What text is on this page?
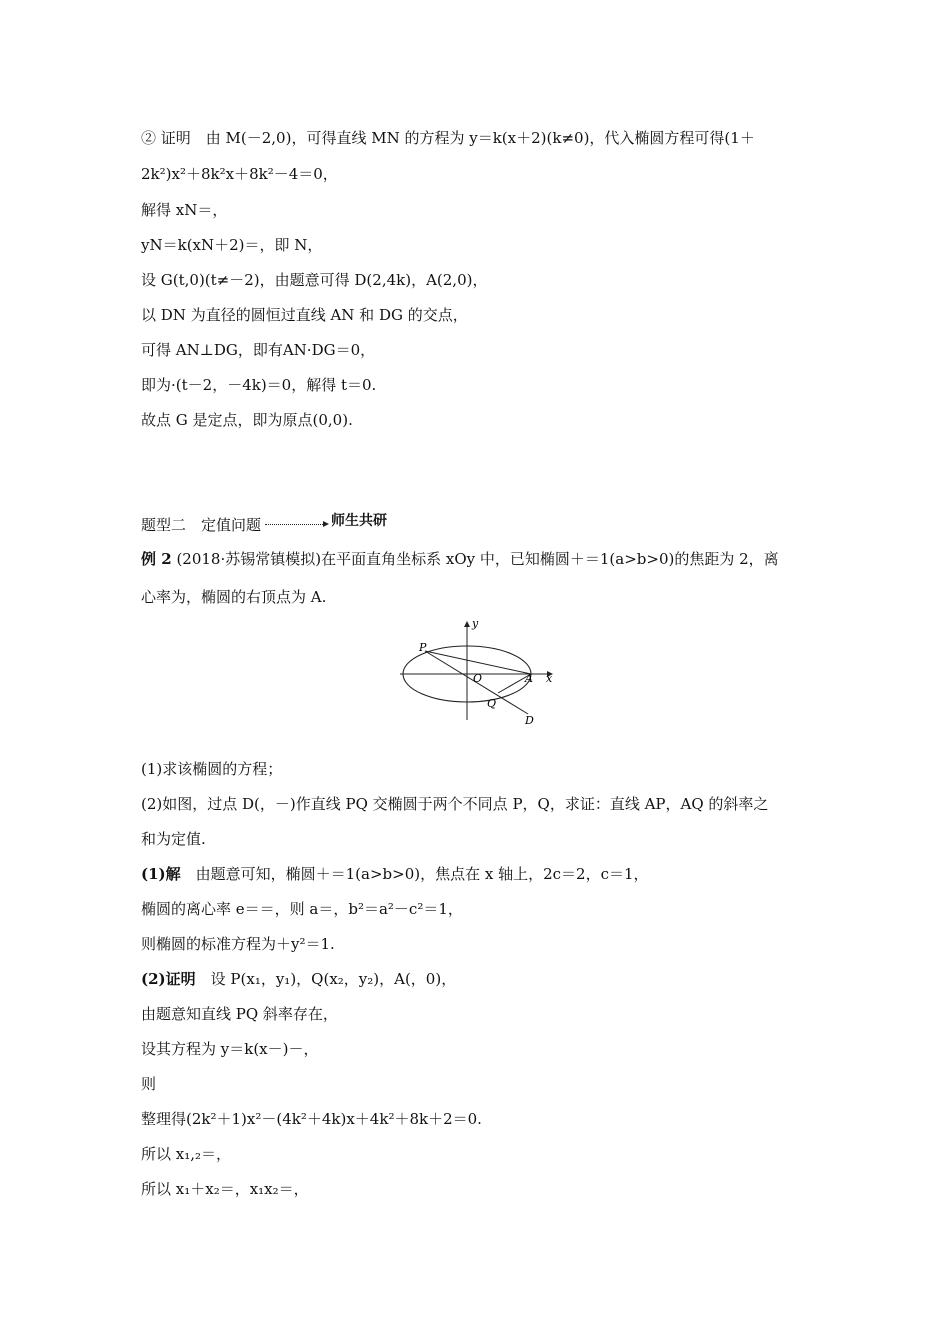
② 证明　由 M(－2,0)，可得直线 MN 的方程为 y＝k(x＋2)(k≠0)，代入椭圆方程可得(1＋
2k²)x²＋8k²x＋8k²－4＝0，
解得 xN＝，
yN＝k(xN＋2)＝，即 N，
设 G(t,0)(t≠－2)，由题意可得 D(2,4k)，A(2,0)，
以 DN 为直径的圆恒过直线 AN 和 DG 的交点，
可得 AN⊥DG，即有AN·DG＝0，
即为·(t－2，－4k)＝0，解得 t＝0.
故点 G 是定点，即为原点(0,0).
题型二　定值问题	师生共研
例 2 (2018·苏锡常镇模拟)在平面直角坐标系 xOy 中，已知椭圆＋＝1(a>b>0)的焦距为 2，离
心率为，椭圆的右顶点为 A.
y
x
P
O	A
Q
D
(1)求该椭圆的方程；
(2)如图，过点 D(，－)作直线 PQ 交椭圆于两个不同点 P，Q，求证：直线 AP，AQ 的斜率之
和为定值.
(1)解　由题意可知，椭圆＋＝1(a>b>0)，焦点在 x 轴上，2c＝2，c＝1，
椭圆的离心率 e＝＝，则 a＝，b²＝a²－c²＝1，
则椭圆的标准方程为＋y²＝1.
(2)证明　设 P(x₁，y₁)，Q(x₂，y₂)，A(，0)，
由题意知直线 PQ 斜率存在，
设其方程为 y＝k(x－)－，
则
整理得(2k²＋1)x²－(4k²＋4k)x＋4k²＋8k＋2＝0.
所以 x₁,₂＝，
所以 x₁＋x₂＝，x₁x₂＝，
